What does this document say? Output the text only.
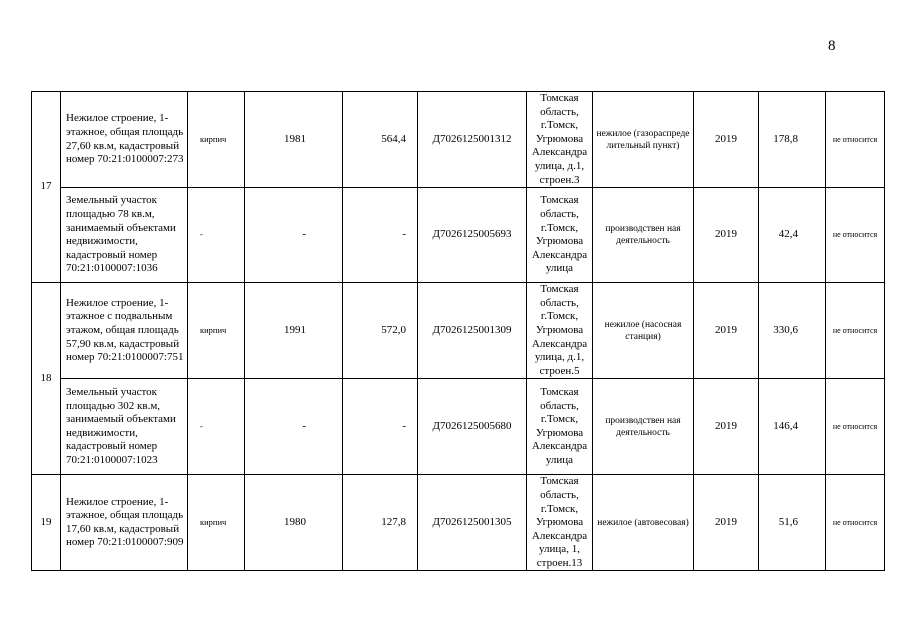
8
17	Нежилое строение, 1-этажное, общая площадь 27,60 кв.м, кадастровый номер 70:21:0100007:273	кирпич	1981	564,4	Д7026125001312	Томская область, г.Томск, Угрюмова Александра улица, д.1, строен.3	нежилое (газораспреде лительный пункт)	2019	178,8	не относится
	Земельный участок площадью 78 кв.м, занимаемый объектами недвижимости, кадастровый номер 70:21:0100007:1036	-	-	-	Д7026125005693	Томская область, г.Томск, Угрюмова Александра улица	производствен ная деятельность	2019	42,4	не относится
18	Нежилое строение, 1-этажное с подвальным этажом, общая площадь 57,90 кв.м, кадастровый номер 70:21:0100007:751	кирпич	1991	572,0	Д7026125001309	Томская область, г.Томск, Угрюмова Александра улица, д.1, строен.5	нежилое (насосная станция)	2019	330,6	не относится
	Земельный участок площадью 302 кв.м, занимаемый объектами недвижимости, кадастровый номер 70:21:0100007:1023	-	-	-	Д7026125005680	Томская область, г.Томск, Угрюмова Александра улица	производствен ная деятельность	2019	146,4	не относится
19	Нежилое строение, 1-этажное, общая площадь 17,60 кв.м, кадастровый номер 70:21:0100007:909	кирпич	1980	127,8	Д7026125001305	Томская область, г.Томск, Угрюмова Александра улица, 1, строен.13	нежилое (автовесовая)	2019	51,6	не относится
